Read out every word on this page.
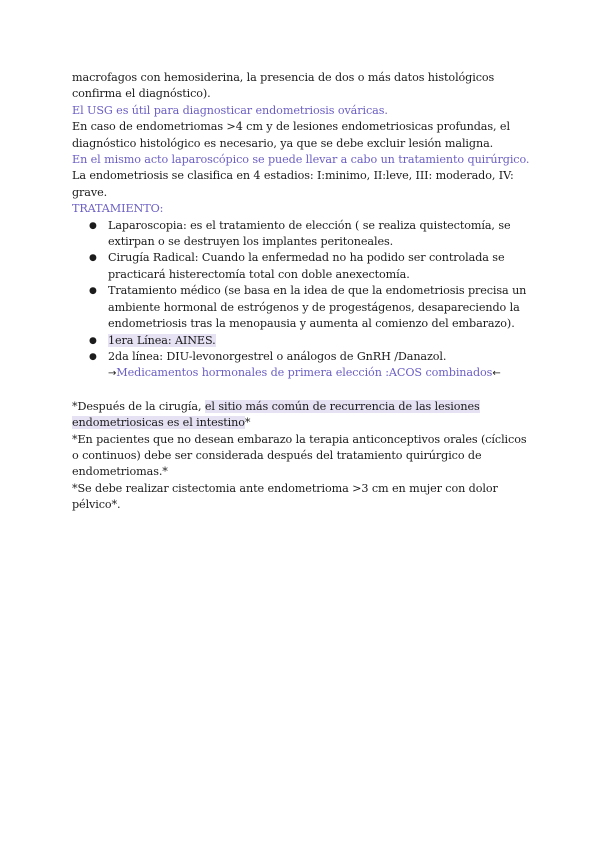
macrofagos con hemosiderina, la presencia de dos o más datos histológicos confirma el diagnóstico).

El USG es útil para diagnosticar endometriosis ováricas.

En caso de endometriomas >4 cm y de lesiones endometriosicas profundas, el diagnóstico histológico es necesario, ya que se debe excluir lesión maligna.

En el mismo acto laparoscópico se puede llevar a cabo un tratamiento quirúrgico.

La endometriosis se clasifica en 4 estadios: I:minimo, II:leve, III: moderado, IV: grave.

TRATAMIENTO:

● Laparoscopia: es el tratamiento de elección ( se realiza quistectomía, se extirpan o se destruyen los implantes peritoneales.
● Cirugía Radical: Cuando la enfermedad no ha podido ser controlada se practicará histerectomía total con doble anexectomía.
● Tratamiento médico (se basa en la idea de que la endometriosis precisa un ambiente hormonal de estrógenos y de progestágenos, desapareciendo la endometriosis tras la menopausia y aumenta al comienzo del embarazo).
● 1era Línea: AINES.
● 2da línea: DIU-levonorgestrel o análogos de GnRH /Danazol.
→Medicamentos hormonales de primera elección :ACOS combinados←

*Después de la cirugía, el sitio más común de recurrencia de las lesiones
endometriosicas es el intestino*

*En pacientes que no desean embarazo la terapia anticonceptivos orales (cíclicos o continuos) debe ser considerada después del tratamiento quirúrgico de endometriomas.*

*Se debe realizar cistectomia ante endometrioma >3 cm en mujer con dolor pélvico*.
